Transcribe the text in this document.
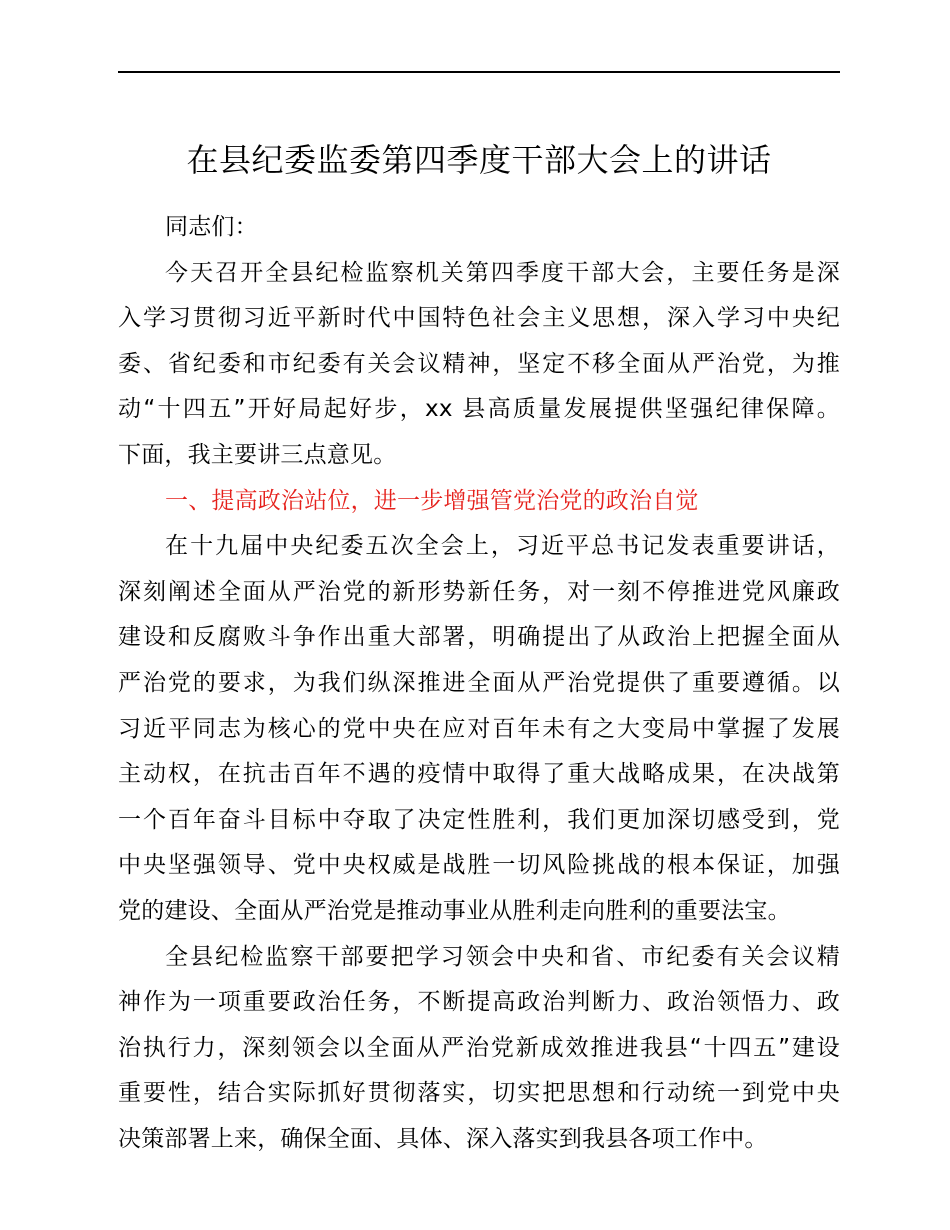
在县纪委监委第四季度干部大会上的讲话
同志们：
今天召开全县纪检监察机关第四季度干部大会，主要任务是深
入学习贯彻习近平新时代中国特色社会主义思想，深入学习中央纪
委、省纪委和市纪委有关会议精神，坚定不移全面从严治党，为推
动“十四五”开好局起好步，xx 县高质量发展提供坚强纪律保障。
下面，我主要讲三点意见。
一、提高政治站位，进一步增强管党治党的政治自觉
在十九届中央纪委五次全会上，习近平总书记发表重要讲话，
深刻阐述全面从严治党的新形势新任务，对一刻不停推进党风廉政
建设和反腐败斗争作出重大部署，明确提出了从政治上把握全面从
严治党的要求，为我们纵深推进全面从严治党提供了重要遵循。以
习近平同志为核心的党中央在应对百年未有之大变局中掌握了发展
主动权，在抗击百年不遇的疫情中取得了重大战略成果，在决战第
一个百年奋斗目标中夺取了决定性胜利，我们更加深切感受到，党
中央坚强领导、党中央权威是战胜一切风险挑战的根本保证，加强
党的建设、全面从严治党是推动事业从胜利走向胜利的重要法宝。
全县纪检监察干部要把学习领会中央和省、市纪委有关会议精
神作为一项重要政治任务，不断提高政治判断力、政治领悟力、政
治执行力，深刻领会以全面从严治党新成效推进我县“十四五”建设
重要性，结合实际抓好贯彻落实，切实把思想和行动统一到党中央
决策部署上来，确保全面、具体、深入落实到我县各项工作中。
